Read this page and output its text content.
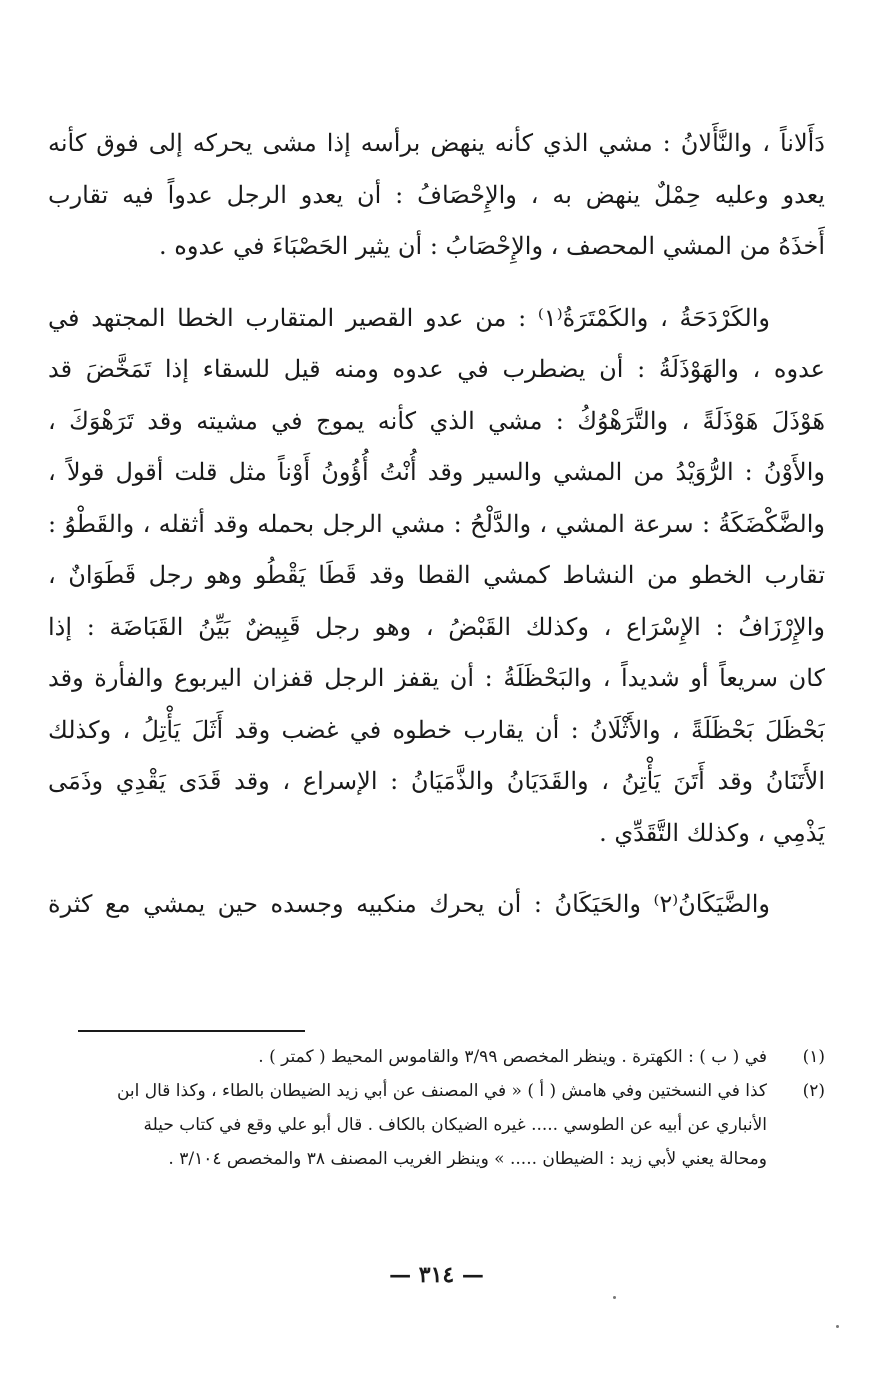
دَأَلاناً ، والنَّأَلانُ : مشي الذي كأنه ينهض برأسه إذا مشى يحركه إلى فوق كأنه
يعدو وعليه حِمْلٌ ينهض به ، والإِحْصَافُ : أن يعدو الرجل عدواً فيه تقارب
أَخذَهُ من المشي المحصف ، والإِحْصَابُ : أن يثير الحَصْبَاءَ في عدوه .
والكَرْدَحَةُ ، والكَمْتَرَةُ⁽١⁾ : من عدو القصير المتقارب الخطا المجتهد في
عدوه ، والهَوْذَلَةُ : أن يضطرب في عدوه ومنه قيل للسقاء إذا تَمَخَّضَ قد
هَوْذَلَ هَوْذَلَةً ، والتَّرَهْوُكُ : مشي الذي كأنه يموج في مشيته وقد تَرَهْوَكَ ،
والأَوْنُ : الرُّوَيْدُ من المشي والسير وقد أُنْتُ أُؤُونُ أَوْناً مثل قلت أقول قولاً ،
والضَّكْضَكَةُ : سرعة المشي ، والدَّلْحُ : مشي الرجل بحمله وقد أثقله ، والقَطْوُ :
تقارب الخطو من النشاط كمشي القطا وقد قَطَا يَقْطُو وهو رجل قَطَوَانٌ ،
والإِرْزَافُ : الإِسْرَاع ، وكذلك القَبْضُ ، وهو رجل قَبِيضٌ بَيِّنُ القَبَاضَة : إذا
كان سريعاً أو شديداً ، والبَحْظَلَةُ : أن يقفز الرجل قفزان اليربوع والفأرة وقد
بَحْظَلَ بَحْظَلَةً ، والأَثْلَانُ : أن يقارب خطوه في غضب وقد أَثَلَ يَأْتِلُ ، وكذلك
الأَتَنَانُ وقد أَتَنَ يَأْتِنُ ، والقَدَيَانُ والذَّمَيَانُ : الإسراع ، وقد قَدَى يَقْدِي وذَمَى
يَذْمِي ، وكذلك التَّقَدِّي .
والضَّيَكَانُ⁽٢⁾ والحَيَكَانُ : أن يحرك منكبيه وجسده حين يمشي مع كثرة
(١)في ( ب ) : الكهترة . وينظر المخصص ٣/٩٩ والقاموس المحيط ( كمتر ) .
(٢)كذا في النسختين وفي هامش ( أ ) « في المصنف عن أبي زيد الضيطان بالطاء ، وكذا قال ابن
الأنباري عن أبيه عن الطوسي ..... غيره الضيكان بالكاف . قال أبو علي وقع في كتاب حيلة
ومحالة يعني لأبي زيد : الضيطان ..... » وينظر الغريب المصنف ٣٨ والمخصص ٣/١٠٤ .
— ٣١٤ —
